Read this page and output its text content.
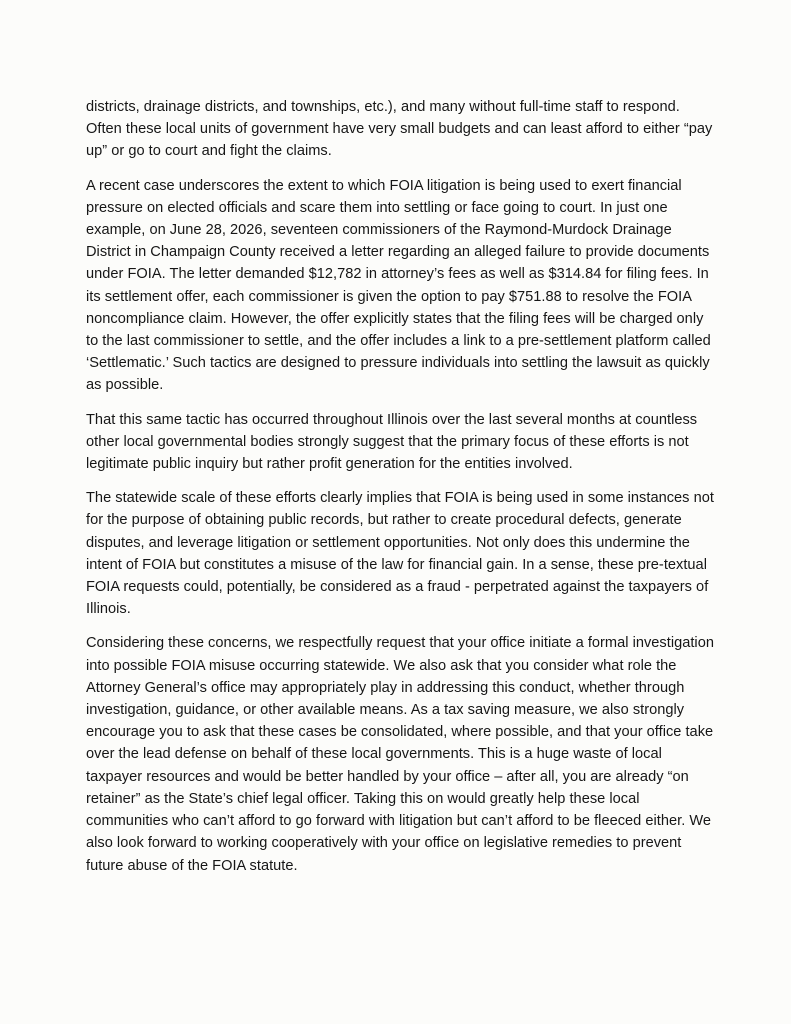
districts, drainage districts, and townships, etc.), and many without full-time staff to respond. Often these local units of government have very small budgets and can least afford to either “pay up” or go to court and fight the claims.

A recent case underscores the extent to which FOIA litigation is being used to exert financial pressure on elected officials and scare them into settling or face going to court. In just one example, on June 28, 2026, seventeen commissioners of the Raymond-Murdock Drainage District in Champaign County received a letter regarding an alleged failure to provide documents under FOIA. The letter demanded $12,782 in attorney’s fees as well as $314.84 for filing fees. In its settlement offer, each commissioner is given the option to pay $751.88 to resolve the FOIA noncompliance claim. However, the offer explicitly states that the filing fees will be charged only to the last commissioner to settle, and the offer includes a link to a pre-settlement platform called ‘Settlematic.’ Such tactics are designed to pressure individuals into settling the lawsuit as quickly as possible.

That this same tactic has occurred throughout Illinois over the last several months at countless other local governmental bodies strongly suggest that the primary focus of these efforts is not legitimate public inquiry but rather profit generation for the entities involved.

The statewide scale of these efforts clearly implies that FOIA is being used in some instances not for the purpose of obtaining public records, but rather to create procedural defects, generate disputes, and leverage litigation or settlement opportunities. Not only does this undermine the intent of FOIA but constitutes a misuse of the law for financial gain. In a sense, these pre-textual FOIA requests could, potentially, be considered as a fraud - perpetrated against the taxpayers of Illinois.

Considering these concerns, we respectfully request that your office initiate a formal investigation into possible FOIA misuse occurring statewide. We also ask that you consider what role the Attorney General’s office may appropriately play in addressing this conduct, whether through investigation, guidance, or other available means. As a tax saving measure, we also strongly encourage you to ask that these cases be consolidated, where possible, and that your office take over the lead defense on behalf of these local governments. This is a huge waste of local taxpayer resources and would be better handled by your office – after all, you are already “on retainer” as the State’s chief legal officer. Taking this on would greatly help these local communities who can’t afford to go forward with litigation but can’t afford to be fleeced either. We also look forward to working cooperatively with your office on legislative remedies to prevent future abuse of the FOIA statute.
